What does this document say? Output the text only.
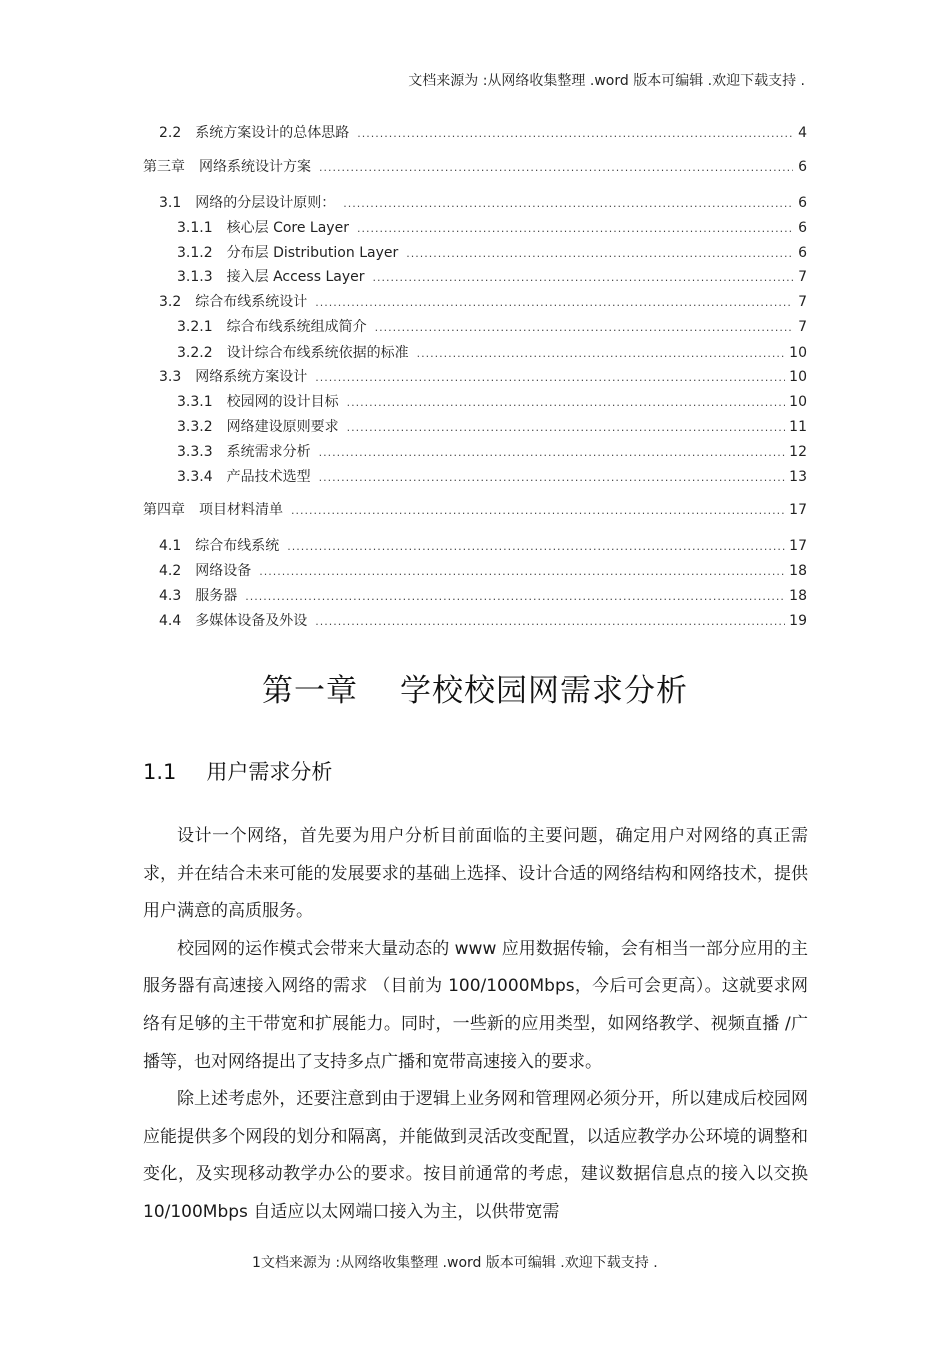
文档来源为 :从网络收集整理 .word 版本可编辑 .欢迎下载支持 .
2.2 系统方案设计的总体思路 .....	4
第三章 网络系统设计方案 .....	6
3.1 网络的分层设计原则： .....	6
3.1.1 核心层 Core Layer .....	6
3.1.2 分布层 Distribution Layer .....	6
3.1.3 接入层 Access Layer .....	7
3.2 综合布线系统设计 .....	7
3.2.1 综合布线系统组成简介 .....	7
3.2.2 设计综合布线系统依据的标准 .....	10
3.3 网络系统方案设计 .....	10
3.3.1 校园网的设计目标 .....	10
3.3.2 网络建设原则要求 .....	11
3.3.3 系统需求分析 .....	12
3.3.4 产品技术选型 .....	13
第四章 项目材料清单 .....	17
4.1 综合布线系统 .....	17
4.2 网络设备 .....	18
4.3 服务器 .....	18
4.4 多媒体设备及外设 .....	19
第一章 学校校园网需求分析
1.1 用户需求分析

设计一个网络，首先要为用户分析目前面临的主要问题，确定用户对网络的真正需求，并在结合未来可能的发展要求的基础上选择、设计合适的网络结构和网络技术，提供用户满意的高质服务。

校园网的运作模式会带来大量动态的 www 应用数据传输，会有相当一部分应用的主服务器有高速接入网络的需求 （目前为 100/1000Mbps，今后可会更高）。这就要求网络有足够的主干带宽和扩展能力。同时，一些新的应用类型，如网络教学、视频直播 /广播等，也对网络提出了支持多点广播和宽带高速接入的要求。

除上述考虑外，还要注意到由于逻辑上业务网和管理网必须分开，所以建成后校园网应能提供多个网段的划分和隔离，并能做到灵活改变配置，以适应教学办公环境的调整和变化，及实现移动教学办公的要求。按目前通常的考虑，建议数据信息点的接入以交换 10/100Mbps 自适应以太网端口接入为主，以供带宽需

1文档来源为 :从网络收集整理 .word 版本可编辑 .欢迎下载支持 .
